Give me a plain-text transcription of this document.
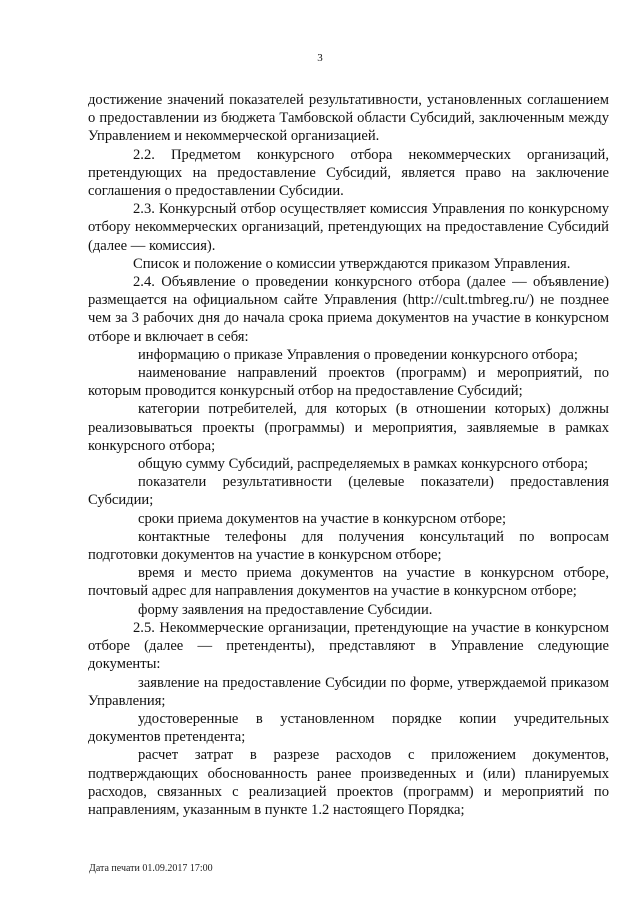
3

достижение значений показателей результативности, установленных соглашением о предоставлении из бюджета Тамбовской области Субсидий, заключенным между Управлением и некоммерческой организацией.

2.2. Предметом конкурсного отбора некоммерческих организаций, претендующих на предоставление Субсидий, является право на заключение соглашения о предоставлении Субсидии.

2.3. Конкурсный отбор осуществляет комиссия Управления по конкурсному отбору некоммерческих организаций, претендующих на предоставление Субсидий (далее — комиссия).

Список и положение о комиссии утверждаются приказом Управления.

2.4. Объявление о проведении конкурсного отбора (далее — объявление) размещается на официальном сайте Управления (http://cult.tmbreg.ru/) не позднее чем за 3 рабочих дня до начала срока приема документов на участие в конкурсном отборе и включает в себя:

информацию о приказе Управления о проведении конкурсного отбора;

наименование направлений проектов (программ) и мероприятий, по которым проводится конкурсный отбор на предоставление Субсидий;

категории потребителей, для которых (в отношении которых) должны реализовываться проекты (программы) и мероприятия, заявляемые в рамках конкурсного отбора;

общую сумму Субсидий, распределяемых в рамках конкурсного отбора;

показатели результативности (целевые показатели) предоставления Субсидии;

сроки приема документов на участие в конкурсном отборе;

контактные телефоны для получения консультаций по вопросам подготовки документов на участие в конкурсном отборе;

время и место приема документов на участие в конкурсном отборе, почтовый адрес для направления документов на участие в конкурсном отборе;

форму заявления на предоставление Субсидии.

2.5. Некоммерческие организации, претендующие на участие в конкурсном отборе (далее — претенденты), представляют в Управление следующие документы:

заявление на предоставление Субсидии по форме, утверждаемой приказом Управления;

удостоверенные в установленном порядке копии учредительных документов претендента;

расчет затрат в разрезе расходов с приложением документов, подтверждающих обоснованность ранее произведенных и (или) планируемых расходов, связанных с реализацией проектов (программ) и мероприятий по направлениям, указанным в пункте 1.2 настоящего Порядка;

Дата печати 01.09.2017 17:00
